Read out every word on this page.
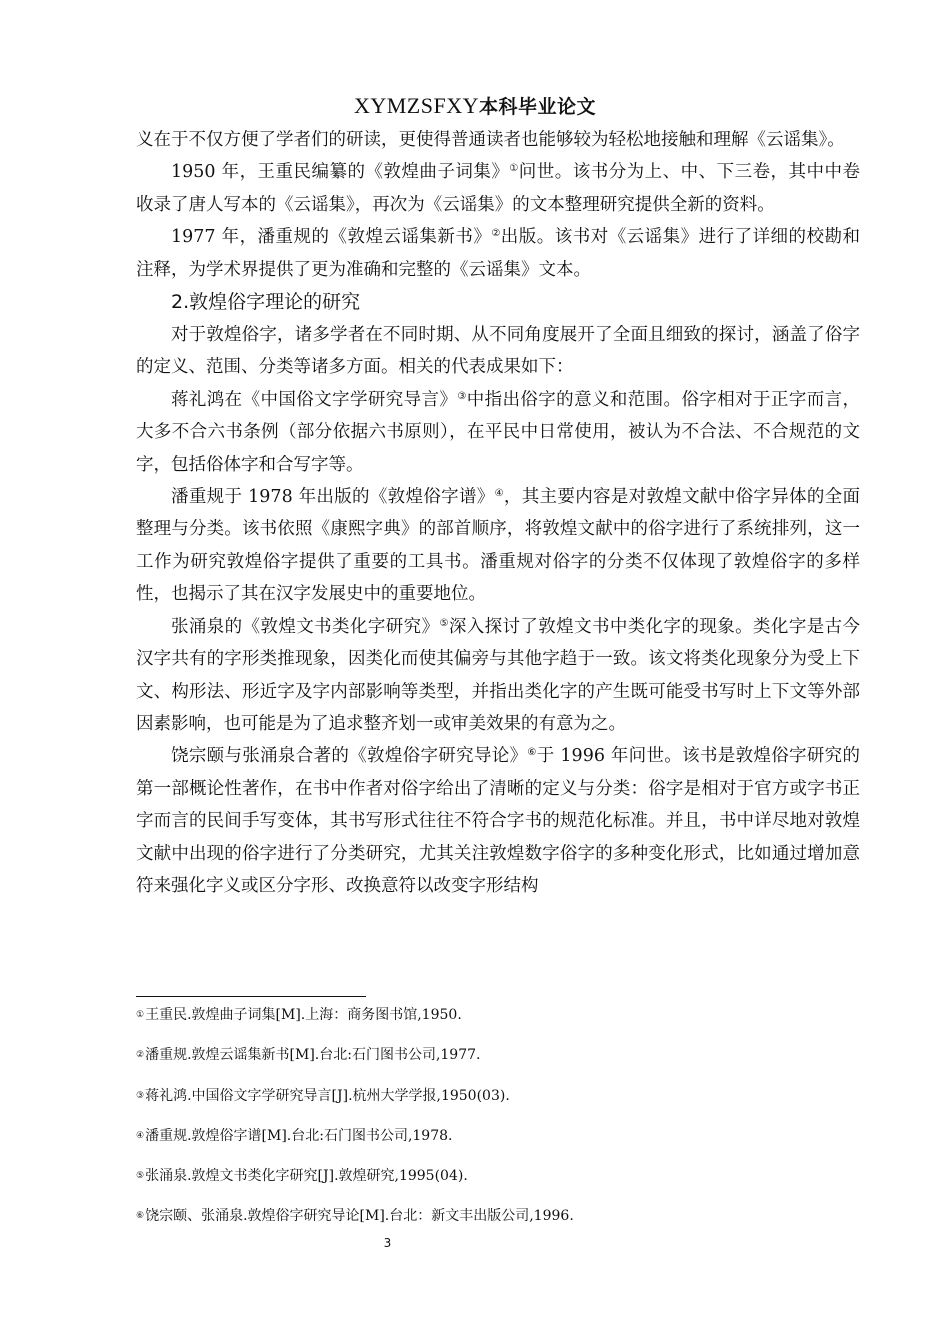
XYMZSFXY本科毕业论文

义在于不仅方便了学者们的研读，更使得普通读者也能够较为轻松地接触和理解《云谣集》。

1950 年，王重民编纂的《敦煌曲子词集》①问世。该书分为上、中、下三卷，其中中卷收录了唐人写本的《云谣集》，再次为《云谣集》的文本整理研究提供全新的资料。

1977 年，潘重规的《敦煌云谣集新书》②出版。该书对《云谣集》进行了详细的校勘和注释，为学术界提供了更为准确和完整的《云谣集》文本。

2.敦煌俗字理论的研究

对于敦煌俗字，诸多学者在不同时期、从不同角度展开了全面且细致的探讨，涵盖了俗字的定义、范围、分类等诸多方面。相关的代表成果如下：

蒋礼鸿在《中国俗文字学研究导言》③中指出俗字的意义和范围。俗字相对于正字而言，大多不合六书条例（部分依据六书原则），在平民中日常使用，被认为不合法、不合规范的文字，包括俗体字和合写字等。

潘重规于 1978 年出版的《敦煌俗字谱》④，其主要内容是对敦煌文献中俗字异体的全面整理与分类。该书依照《康熙字典》的部首顺序，将敦煌文献中的俗字进行了系统排列，这一工作为研究敦煌俗字提供了重要的工具书。潘重规对俗字的分类不仅体现了敦煌俗字的多样性，也揭示了其在汉字发展史中的重要地位。

张涌泉的《敦煌文书类化字研究》⑤深入探讨了敦煌文书中类化字的现象。类化字是古今汉字共有的字形类推现象，因类化而使其偏旁与其他字趋于一致。该文将类化现象分为受上下文、构形法、形近字及字内部影响等类型，并指出类化字的产生既可能受书写时上下文等外部因素影响，也可能是为了追求整齐划一或审美效果的有意为之。

饶宗颐与张涌泉合著的《敦煌俗字研究导论》⑥于 1996 年问世。该书是敦煌俗字研究的第一部概论性著作，在书中作者对俗字给出了清晰的定义与分类：俗字是相对于官方或字书正字而言的民间手写变体，其书写形式往往不符合字书的规范化标准。并且，书中详尽地对敦煌文献中出现的俗字进行了分类研究，尤其关注敦煌数字俗字的多种变化形式，比如通过增加意符来强化字义或区分字形、改换意符以改变字形结构

① 王重民.敦煌曲子词集[M].上海：商务图书馆,1950.
② 潘重规.敦煌云谣集新书[M].台北:石门图书公司,1977.
③ 蒋礼鸿.中国俗文字学研究导言[J].杭州大学学报,1950(03).
④ 潘重规.敦煌俗字谱[M].台北:石门图书公司,1978.
⑤ 张涌泉.敦煌文书类化字研究[J].敦煌研究,1995(04).
⑥ 饶宗颐、张涌泉.敦煌俗字研究导论[M].台北：新文丰出版公司,1996.
3
